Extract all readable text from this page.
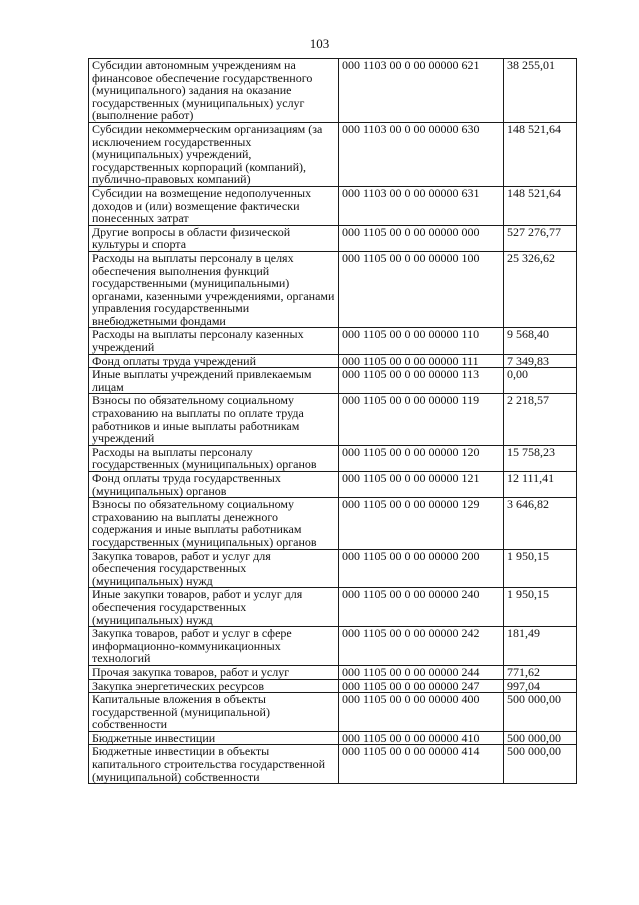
103
Субсидии автономным учреждениям на финансовое обеспечение государственного (муниципального) задания на оказание государственных (муниципальных) услуг (выполнение работ)	000 1103 00 0 00 00000 621	38 255,01
Субсидии некоммерческим организациям (за исключением государственных (муниципальных) учреждений, государственных корпораций (компаний), публично-правовых компаний)	000 1103 00 0 00 00000 630	148 521,64
Субсидии на возмещение недополученных доходов и (или) возмещение фактически понесенных затрат	000 1103 00 0 00 00000 631	148 521,64
Другие вопросы в области физической культуры и спорта	000 1105 00 0 00 00000 000	527 276,77
Расходы на выплаты персоналу в целях обеспечения выполнения функций государственными (муниципальными) органами, казенными учреждениями, органами управления государственными внебюджетными фондами	000 1105 00 0 00 00000 100	25 326,62
Расходы на выплаты персоналу казенных учреждений	000 1105 00 0 00 00000 110	9 568,40
Фонд оплаты труда учреждений	000 1105 00 0 00 00000 111	7 349,83
Иные выплаты учреждений привлекаемым лицам	000 1105 00 0 00 00000 113	0,00
Взносы по обязательному социальному страхованию на выплаты по оплате труда работников и иные выплаты работникам учреждений	000 1105 00 0 00 00000 119	2 218,57
Расходы на выплаты персоналу государственных (муниципальных) органов	000 1105 00 0 00 00000 120	15 758,23
Фонд оплаты труда государственных (муниципальных) органов	000 1105 00 0 00 00000 121	12 111,41
Взносы по обязательному социальному страхованию на выплаты денежного содержания и иные выплаты работникам государственных (муниципальных) органов	000 1105 00 0 00 00000 129	3 646,82
Закупка товаров, работ и услуг для обеспечения государственных (муниципальных) нужд	000 1105 00 0 00 00000 200	1 950,15
Иные закупки товаров, работ и услуг для обеспечения государственных (муниципальных) нужд	000 1105 00 0 00 00000 240	1 950,15
Закупка товаров, работ и услуг в сфере информационно-коммуникационных технологий	000 1105 00 0 00 00000 242	181,49
Прочая закупка товаров, работ и услуг	000 1105 00 0 00 00000 244	771,62
Закупка энергетических ресурсов	000 1105 00 0 00 00000 247	997,04
Капитальные вложения в объекты государственной (муниципальной) собственности	000 1105 00 0 00 00000 400	500 000,00
Бюджетные инвестиции	000 1105 00 0 00 00000 410	500 000,00
Бюджетные инвестиции в объекты капитального строительства государственной (муниципальной) собственности	000 1105 00 0 00 00000 414	500 000,00
